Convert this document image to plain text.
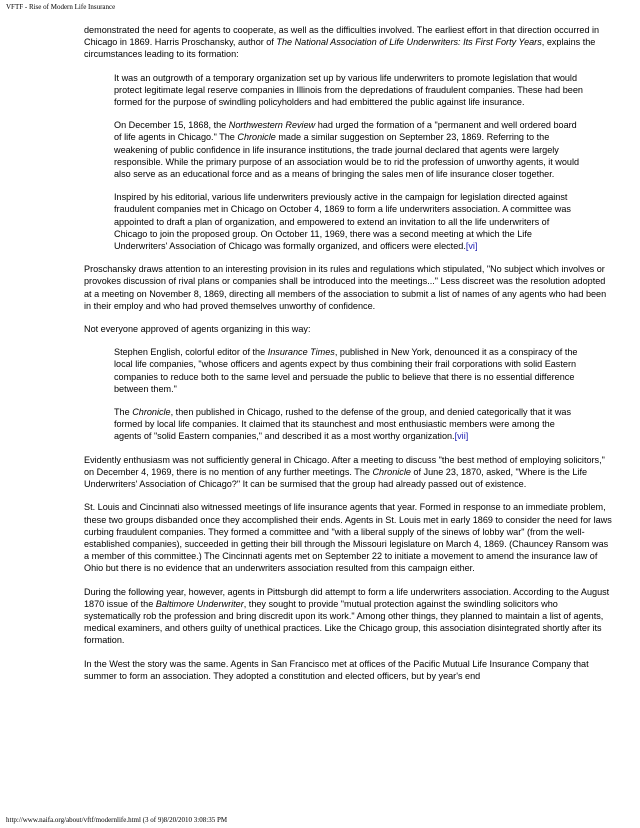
VFTF - Rise of Modern Life Insurance

demonstrated the need for agents to cooperate, as well as the difficulties involved. The earliest effort in that direction occurred in Chicago in 1869. Harris Proschansky, author of The National Association of Life Underwriters: Its First Forty Years, explains the circumstances leading to its formation:

It was an outgrowth of a temporary organization set up by various life underwriters to promote legislation that would protect legitimate legal reserve companies in Illinois from the depredations of fraudulent companies. These had been formed for the purpose of swindling policyholders and had embittered the public against life insurance.

On December 15, 1868, the Northwestern Review had urged the formation of a "permanent and well ordered board of life agents in Chicago." The Chronicle made a similar suggestion on September 23, 1869. Referring to the weakening of public confidence in life insurance institutions, the trade journal declared that agents were largely responsible. While the primary purpose of an association would be to rid the profession of unworthy agents, it would also serve as an educational force and as a means of bringing the sales men of life insurance closer together.

Inspired by his editorial, various life underwriters previously active in the campaign for legislation directed against fraudulent companies met in Chicago on October 4, 1869 to form a life underwriters association. A committee was appointed to draft a plan of organization, and empowered to extend an invitation to all the life underwriters of Chicago to join the proposed group. On October 11, 1969, there was a second meeting at which the Life Underwriters' Association of Chicago was formally organized, and officers were elected.[vi]

Proschansky draws attention to an interesting provision in its rules and regulations which stipulated, "No subject which involves or provokes discussion of rival plans or companies shall be introduced into the meetings..." Less discreet was the resolution adopted at a meeting on November 8, 1869, directing all members of the association to submit a list of names of any agents who had been in their employ and who had proved themselves unworthy of confidence.

Not everyone approved of agents organizing in this way:

Stephen English, colorful editor of the Insurance Times, published in New York, denounced it as a conspiracy of the local life companies, "whose officers and agents expect by thus combining their frail corporations with solid Eastern companies to reduce both to the same level and persuade the public to believe that there is no essential difference between them."

The Chronicle, then published in Chicago, rushed to the defense of the group, and denied categorically that it was formed by local life companies. It claimed that its staunchest and most enthusiastic members were among the agents of "solid Eastern companies," and described it as a most worthy organization.[vii]

Evidently enthusiasm was not sufficiently general in Chicago. After a meeting to discuss "the best method of employing solicitors," on December 4, 1969, there is no mention of any further meetings. The Chronicle of June 23, 1870, asked, "Where is the Life Underwriters' Association of Chicago?" It can be surmised that the group had already passed out of existence.

St. Louis and Cincinnati also witnessed meetings of life insurance agents that year. Formed in response to an immediate problem, these two groups disbanded once they accomplished their ends. Agents in St. Louis met in early 1869 to consider the need for laws curbing fraudulent companies. They formed a committee and "with a liberal supply of the sinews of lobby war" (from the well-established companies), succeeded in getting their bill through the Missouri legislature on March 4, 1869. (Chauncey Ransom was a member of this committee.) The Cincinnati agents met on September 22 to initiate a movement to amend the insurance law of Ohio but there is no evidence that an underwriters association resulted from this campaign either.

During the following year, however, agents in Pittsburgh did attempt to form a life underwriters association. According to the August 1870 issue of the Baltimore Underwriter, they sought to provide "mutual protection against the swindling solicitors who systematically rob the profession and bring discredit upon its work." Among other things, they planned to maintain a list of agents, medical examiners, and others guilty of unethical practices. Like the Chicago group, this association disintegrated shortly after its formation.

In the West the story was the same. Agents in San Francisco met at offices of the Pacific Mutual Life Insurance Company that summer to form an association. They adopted a constitution and elected officers, but by year's end

http://www.naifa.org/about/vftf/modernlife.html (3 of 9)8/20/2010 3:08:35 PM
